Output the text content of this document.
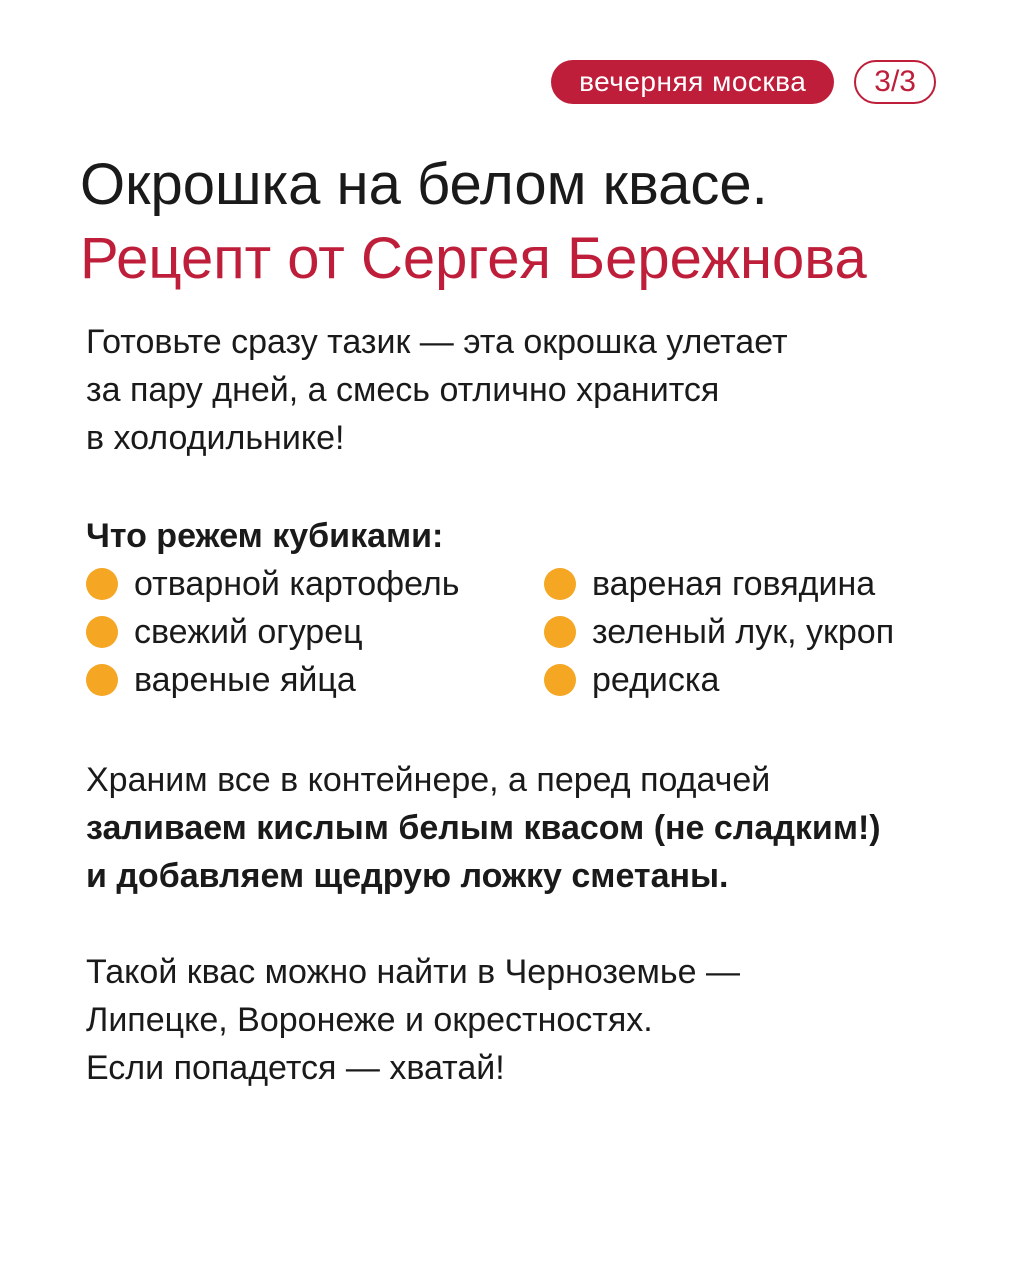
вечерняя москва	3/3
Окрошка на белом квасе.
Рецепт от Сергея Бережнова

Готовьте сразу тазик — эта окрошка улетает
за пару дней, а смесь отлично хранится
в холодильнике!

Что режем кубиками:

отварной картофель
свежий огурец
вареные яйца
вареная говядина
зеленый лук, укроп
редиска

Храним все в контейнере, а перед подачей
заливаем кислым белым квасом (не сладким!)
и добавляем щедрую ложку сметаны.

Такой квас можно найти в Черноземье —
Липецке, Воронеже и окрестностях.
Если попадется — хватай!
